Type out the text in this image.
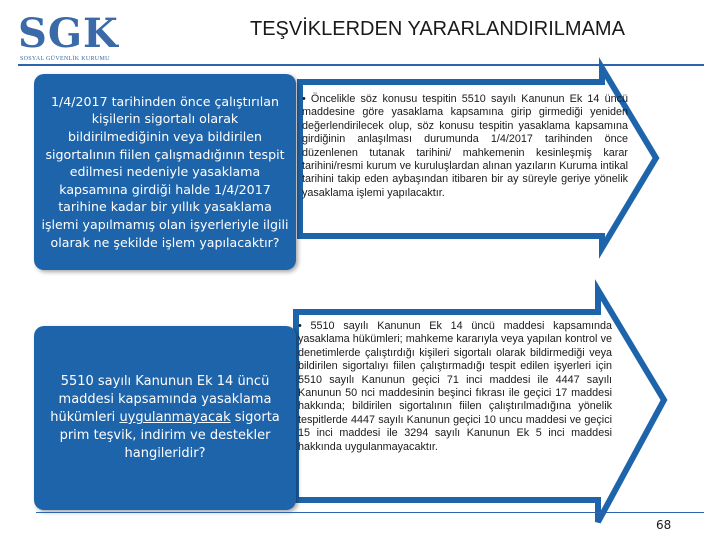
SGK
SOSYAL GÜVENLİK KURUMU
TEŞVİKLERDEN YARARLANDIRILMAMA
1/4/2017 tarihinden önce çalıştırılan kişilerin sigortalı olarak bildirilmediğinin veya bildirilen sigortalının fiilen çalışmadığının tespit edilmesi nedeniyle yasaklama kapsamına girdiği halde 1/4/2017 tarihine kadar bir yıllık yasaklama işlemi yapılmamış olan işyerleriyle ilgili olarak ne şekilde işlem yapılacaktır?
5510 sayılı Kanunun Ek 14 üncü maddesi kapsamında yasaklama hükümleri uygulanmayacak sigorta prim teşvik, indirim ve destekler hangileridir?
• Öncelikle söz konusu tespitin 5510 sayılı Kanunun Ek 14 üncü maddesine göre yasaklama kapsamına girip girmediği yeniden değerlendirilecek olup, söz konusu tespitin yasaklama kapsamına girdiğinin anlaşılması durumunda 1/4/2017 tarihinden önce düzenlenen tutanak tarihini/ mahkemenin kesinleşmiş karar tarihini/resmi kurum ve kuruluşlardan alınan yazıların Kuruma intikal tarihini takip eden aybaşından itibaren bir ay süreyle geriye yönelik yasaklama işlemi yapılacaktır.
• 5510 sayılı Kanunun Ek 14 üncü maddesi kapsamında yasaklama hükümleri; mahkeme kararıyla veya yapılan kontrol ve denetimlerde çalıştırdığı kişileri sigortalı olarak bildirmediği veya bildirilen sigortalıyı fiilen çalıştırmadığı tespit edilen işyerleri için 5510 sayılı Kanunun geçici 71 inci maddesi ile 4447 sayılı Kanunun 50 nci maddesinin beşinci fıkrası ile geçici 17 maddesi hakkında; bildirilen sigortalının fiilen çalıştırılmadığına yönelik tespitlerde 4447 sayılı Kanunun geçici 10 uncu maddesi ve geçici 15 inci maddesi ile 3294 sayılı Kanunun Ek 5 inci maddesi hakkında uygulanmayacaktır.
68
